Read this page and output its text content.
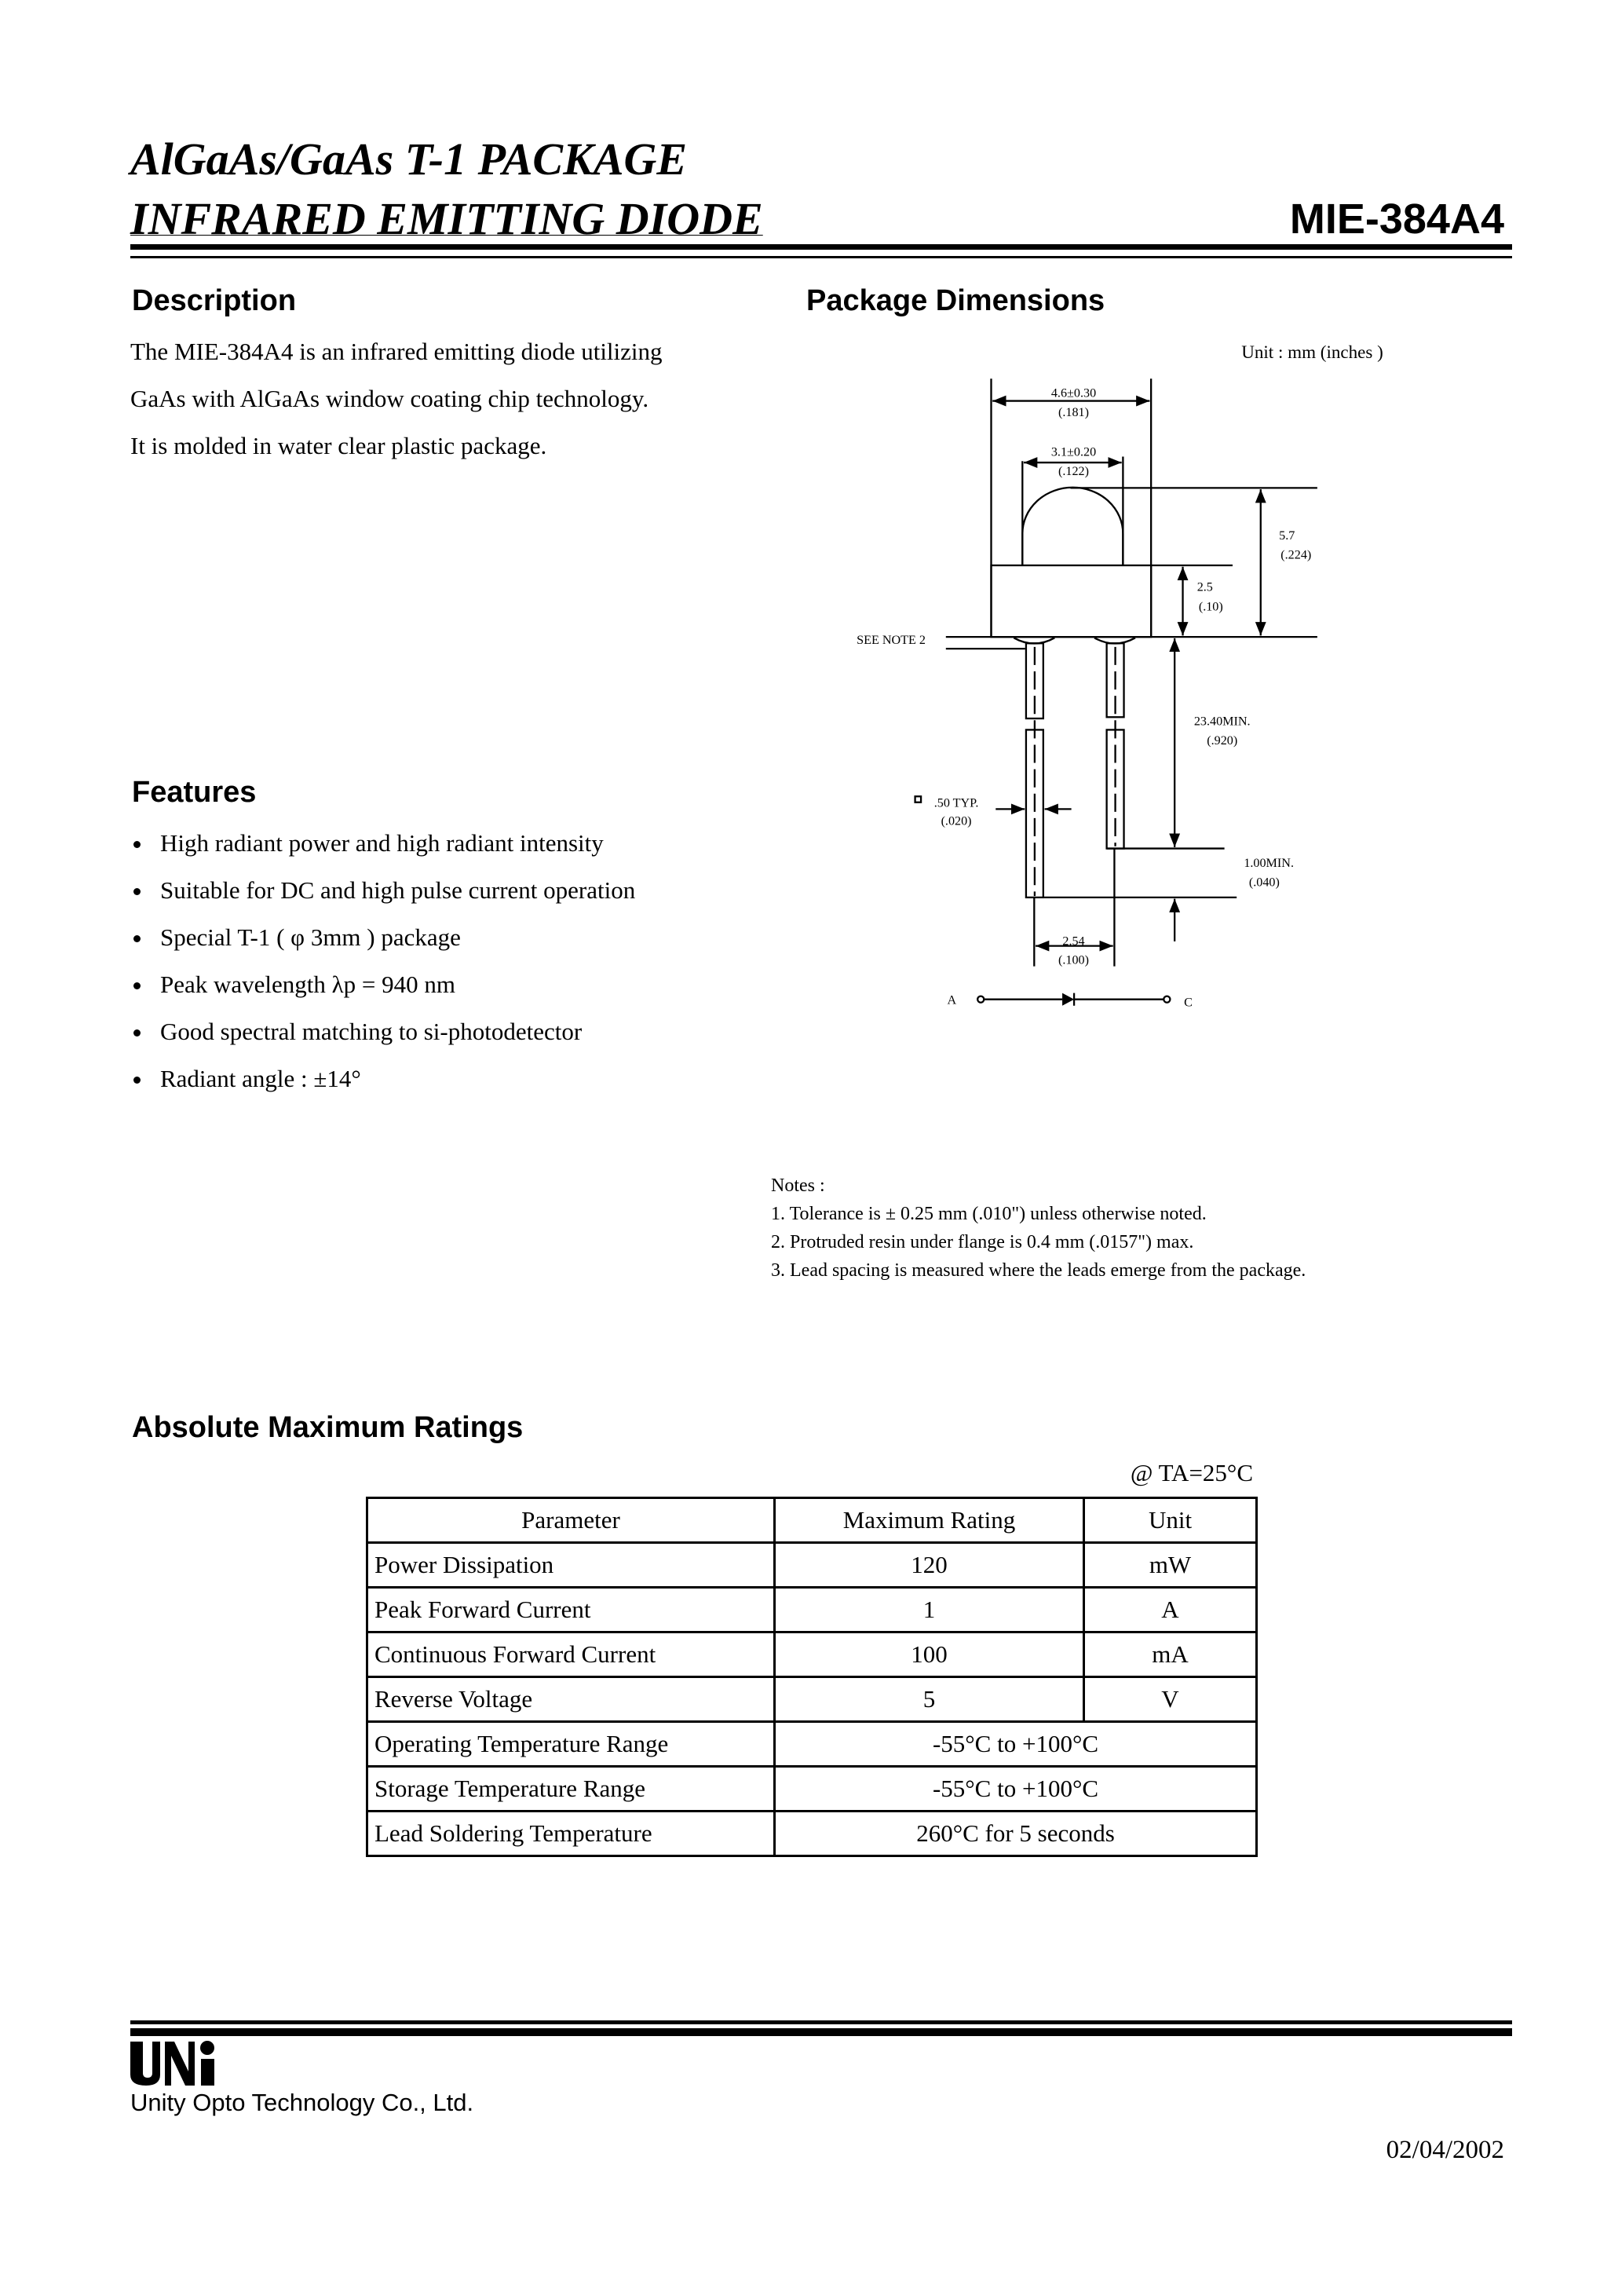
AlGaAs/GaAs T-1 PACKAGE
INFRARED EMITTING DIODE	MIE-384A4
Description
The MIE-384A4 is an infrared emitting diode utilizing
GaAs with AlGaAs window coating chip technology.
It is molded in water clear plastic package.
Features
High radiant power and high radiant intensity
Suitable for DC and high pulse current operation
Special T-1 ( φ 3mm ) package
Peak wavelength λp = 940 nm
Good spectral matching to si-photodetector
Radiant angle : ±14°
Package Dimensions
Unit : mm (inches )
4.6±0.30
(.181)
3.1±0.20
(.122)
5.7
(.224)
2.5
(.10)
23.40MIN.
(.920)
1.00MIN.
(.040)
.50 TYP.
(.020)
2.54
(.100)
A	C
SEE NOTE 2
Notes :
1. Tolerance is ± 0.25 mm (.010") unless otherwise noted.
2. Protruded resin under flange is 0.4 mm (.0157") max.
3. Lead spacing is measured where the leads emerge from the package.
Absolute Maximum Ratings
@ TA=25°C
Parameter	Maximum Rating	Unit
Power Dissipation	120	mW
Peak Forward Current	1	A
Continuous Forward Current	100	mA
Reverse Voltage	5	V
Operating Temperature Range	-55°C to +100°C	
Storage Temperature Range	-55°C to +100°C	
Lead Soldering Temperature	260°C for 5 seconds	
Unity Opto Technology Co., Ltd.
02/04/2002
